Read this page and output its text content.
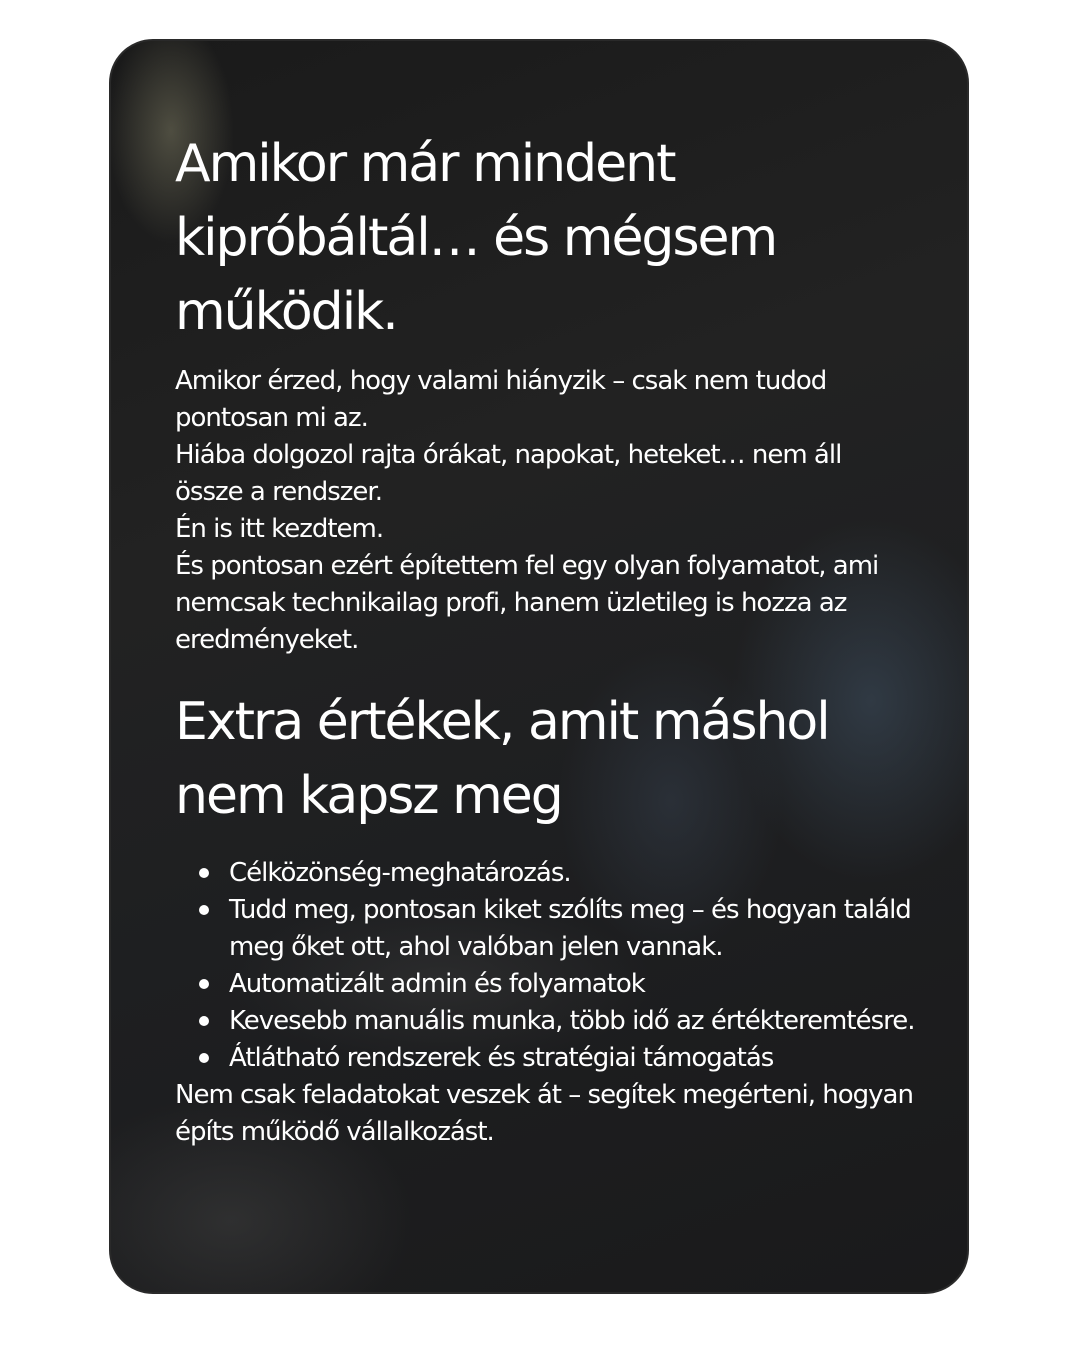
Amikor már mindent kipróbáltál… és mégsem működik.

Amikor érzed, hogy valami hiányzik – csak nem tudod pontosan mi az.
Hiába dolgozol rajta órákat, napokat, heteket… nem áll össze a rendszer.
Én is itt kezdtem.
És pontosan ezért építettem fel egy olyan folyamatot, ami nemcsak technikailag profi, hanem üzletileg is hozza az eredményeket.

Extra értékek, amit máshol nem kapsz meg
Célközönség-meghatározás.
Tudd meg, pontosan kiket szólíts meg – és hogyan találd meg őket ott, ahol valóban jelen vannak.
Automatizált admin és folyamatok
Kevesebb manuális munka, több idő az értékteremtésre.
Átlátható rendszerek és stratégiai támogatás

Nem csak feladatokat veszek át – segítek megérteni, hogyan építs működő vállalkozást.
